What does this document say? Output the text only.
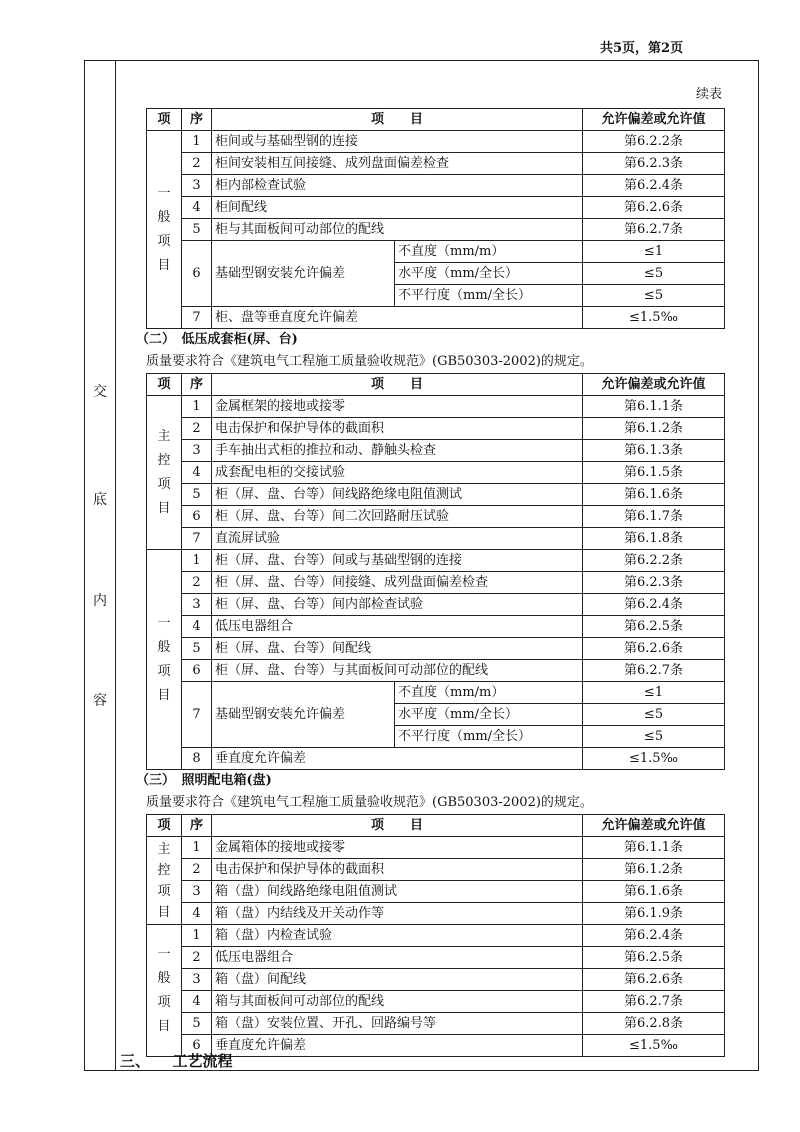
共5页，第2页
交
底
内
容
续表
项	序	项　　目		允许偏差或允许值
一
般
项
目	1	柜间或与基础型钢的连接		第6.2.2条
	2	柜间安装相互间接缝、成列盘面偏差检查		第6.2.3条
	3	柜内部检查试验		第6.2.4条
	4	柜间配线		第6.2.6条
	5	柜与其面板间可动部位的配线		第6.2.7条
	6	基础型钢安装允许偏差	不直度（mm/m）	≤1
			水平度（mm/全长）	≤5
			不平行度（mm/全长）	≤5
	7	柜、盘等垂直度允许偏差		≤1.5‰
（二）　低压成套柜(屏、台)
质量要求符合《建筑电气工程施工质量验收规范》(GB50303-2002)的规定。
项	序	项　　目		允许偏差或允许值
主
控
项
目	1	金属框架的接地或接零		第6.1.1条
	2	电击保护和保护导体的截面积		第6.1.2条
	3	手车抽出式柜的推拉和动、静触头检查		第6.1.3条
	4	成套配电柜的交接试验		第6.1.5条
	5	柜（屏、盘、台等）间线路绝缘电阻值测试		第6.1.6条
	6	柜（屏、盘、台等）间二次回路耐压试验		第6.1.7条
	7	直流屏试验		第6.1.8条
一
般
项
目	1	柜（屏、盘、台等）间或与基础型钢的连接		第6.2.2条
	2	柜（屏、盘、台等）间接缝、成列盘面偏差检查		第6.2.3条
	3	柜（屏、盘、台等）间内部检查试验		第6.2.4条
	4	低压电器组合		第6.2.5条
	5	柜（屏、盘、台等）间配线		第6.2.6条
	6	柜（屏、盘、台等）与其面板间可动部位的配线		第6.2.7条
	7	基础型钢安装允许偏差	不直度（mm/m）	≤1
			水平度（mm/全长）	≤5
			不平行度（mm/全长）	≤5
	8	垂直度允许偏差		≤1.5‰
（三）　照明配电箱(盘)
质量要求符合《建筑电气工程施工质量验收规范》(GB50303-2002)的规定。
项	序	项　　目	允许偏差或允许值
主
控
项
目	1	金属箱体的接地或接零	第6.1.1条
	2	电击保护和保护导体的截面积	第6.1.2条
	3	箱（盘）间线路绝缘电阻值测试	第6.1.6条
	4	箱（盘）内结线及开关动作等	第6.1.9条
一
般
项
目	1	箱（盘）内检查试验	第6.2.4条
	2	低压电器组合	第6.2.5条
	3	箱（盘）间配线	第6.2.6条
	4	箱与其面板间可动部位的配线	第6.2.7条
	5	箱（盘）安装位置、开孔、回路编号等	第6.2.8条
	6	垂直度允许偏差	≤1.5‰
三、　　工艺流程
